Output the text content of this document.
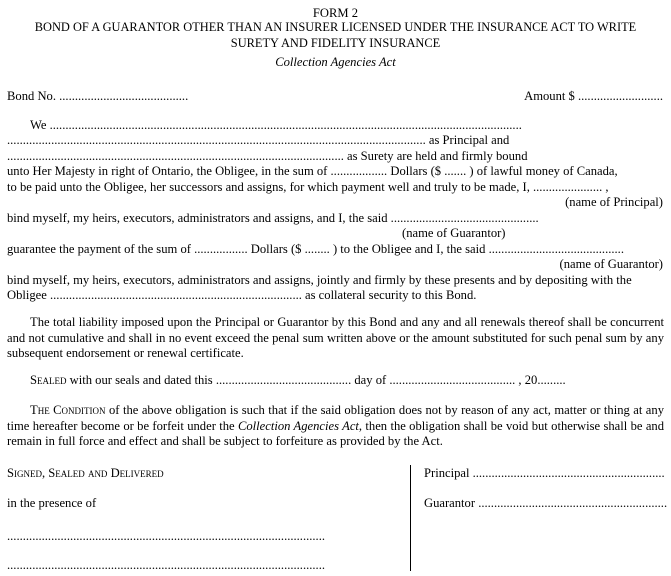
FORM 2
BOND OF A GUARANTOR OTHER THAN AN INSURER LICENSED UNDER THE INSURANCE ACT TO WRITE
SURETY AND FIDELITY INSURANCE
Collection Agencies Act
Bond No. .........................................	Amount $ ...........................
We ......................................................................................................................................................
..................................................................................................................................... as Principal and
........................................................................................................... as Surety are held and firmly bound
unto Her Majesty in right of Ontario, the Obligee, in the sum of .................. Dollars ($ ....... ) of lawful money of Canada,
to be paid unto the Obligee, her successors and assigns, for which payment well and truly to be made, I, ...................... ,
(name of Principal)
bind myself, my heirs, executors, administrators and assigns, and I, the said ...............................................
(name of Guarantor)
guarantee the payment of the sum of ................. Dollars ($ ........ ) to the Obligee and I, the said ...........................................
(name of Guarantor)
bind myself, my heirs, executors, administrators and assigns, jointly and firmly by these presents and by depositing with the
Obligee ................................................................................ as collateral security to this Bond.
The total liability imposed upon the Principal or Guarantor by this Bond and any and all renewals thereof shall be concurrent and not cumulative and shall in no event exceed the penal sum written above or the amount substituted for such penal sum by any subsequent endorsement or renewal certificate.
Sealed with our seals and dated this ........................................... day of ........................................ , 20.........
The Condition of the above obligation is such that if the said obligation does not by reason of any act, matter or thing at any time hereafter become or be forfeit under the Collection Agencies Act, then the obligation shall be void but otherwise shall be and remain in full force and effect and shall be subject to forfeiture as provided by the Act.
Signed, Sealed and Delivered
in the presence of
.....................................................................................................
.....................................................................................................
Principal .............................................................
Guarantor ............................................................
